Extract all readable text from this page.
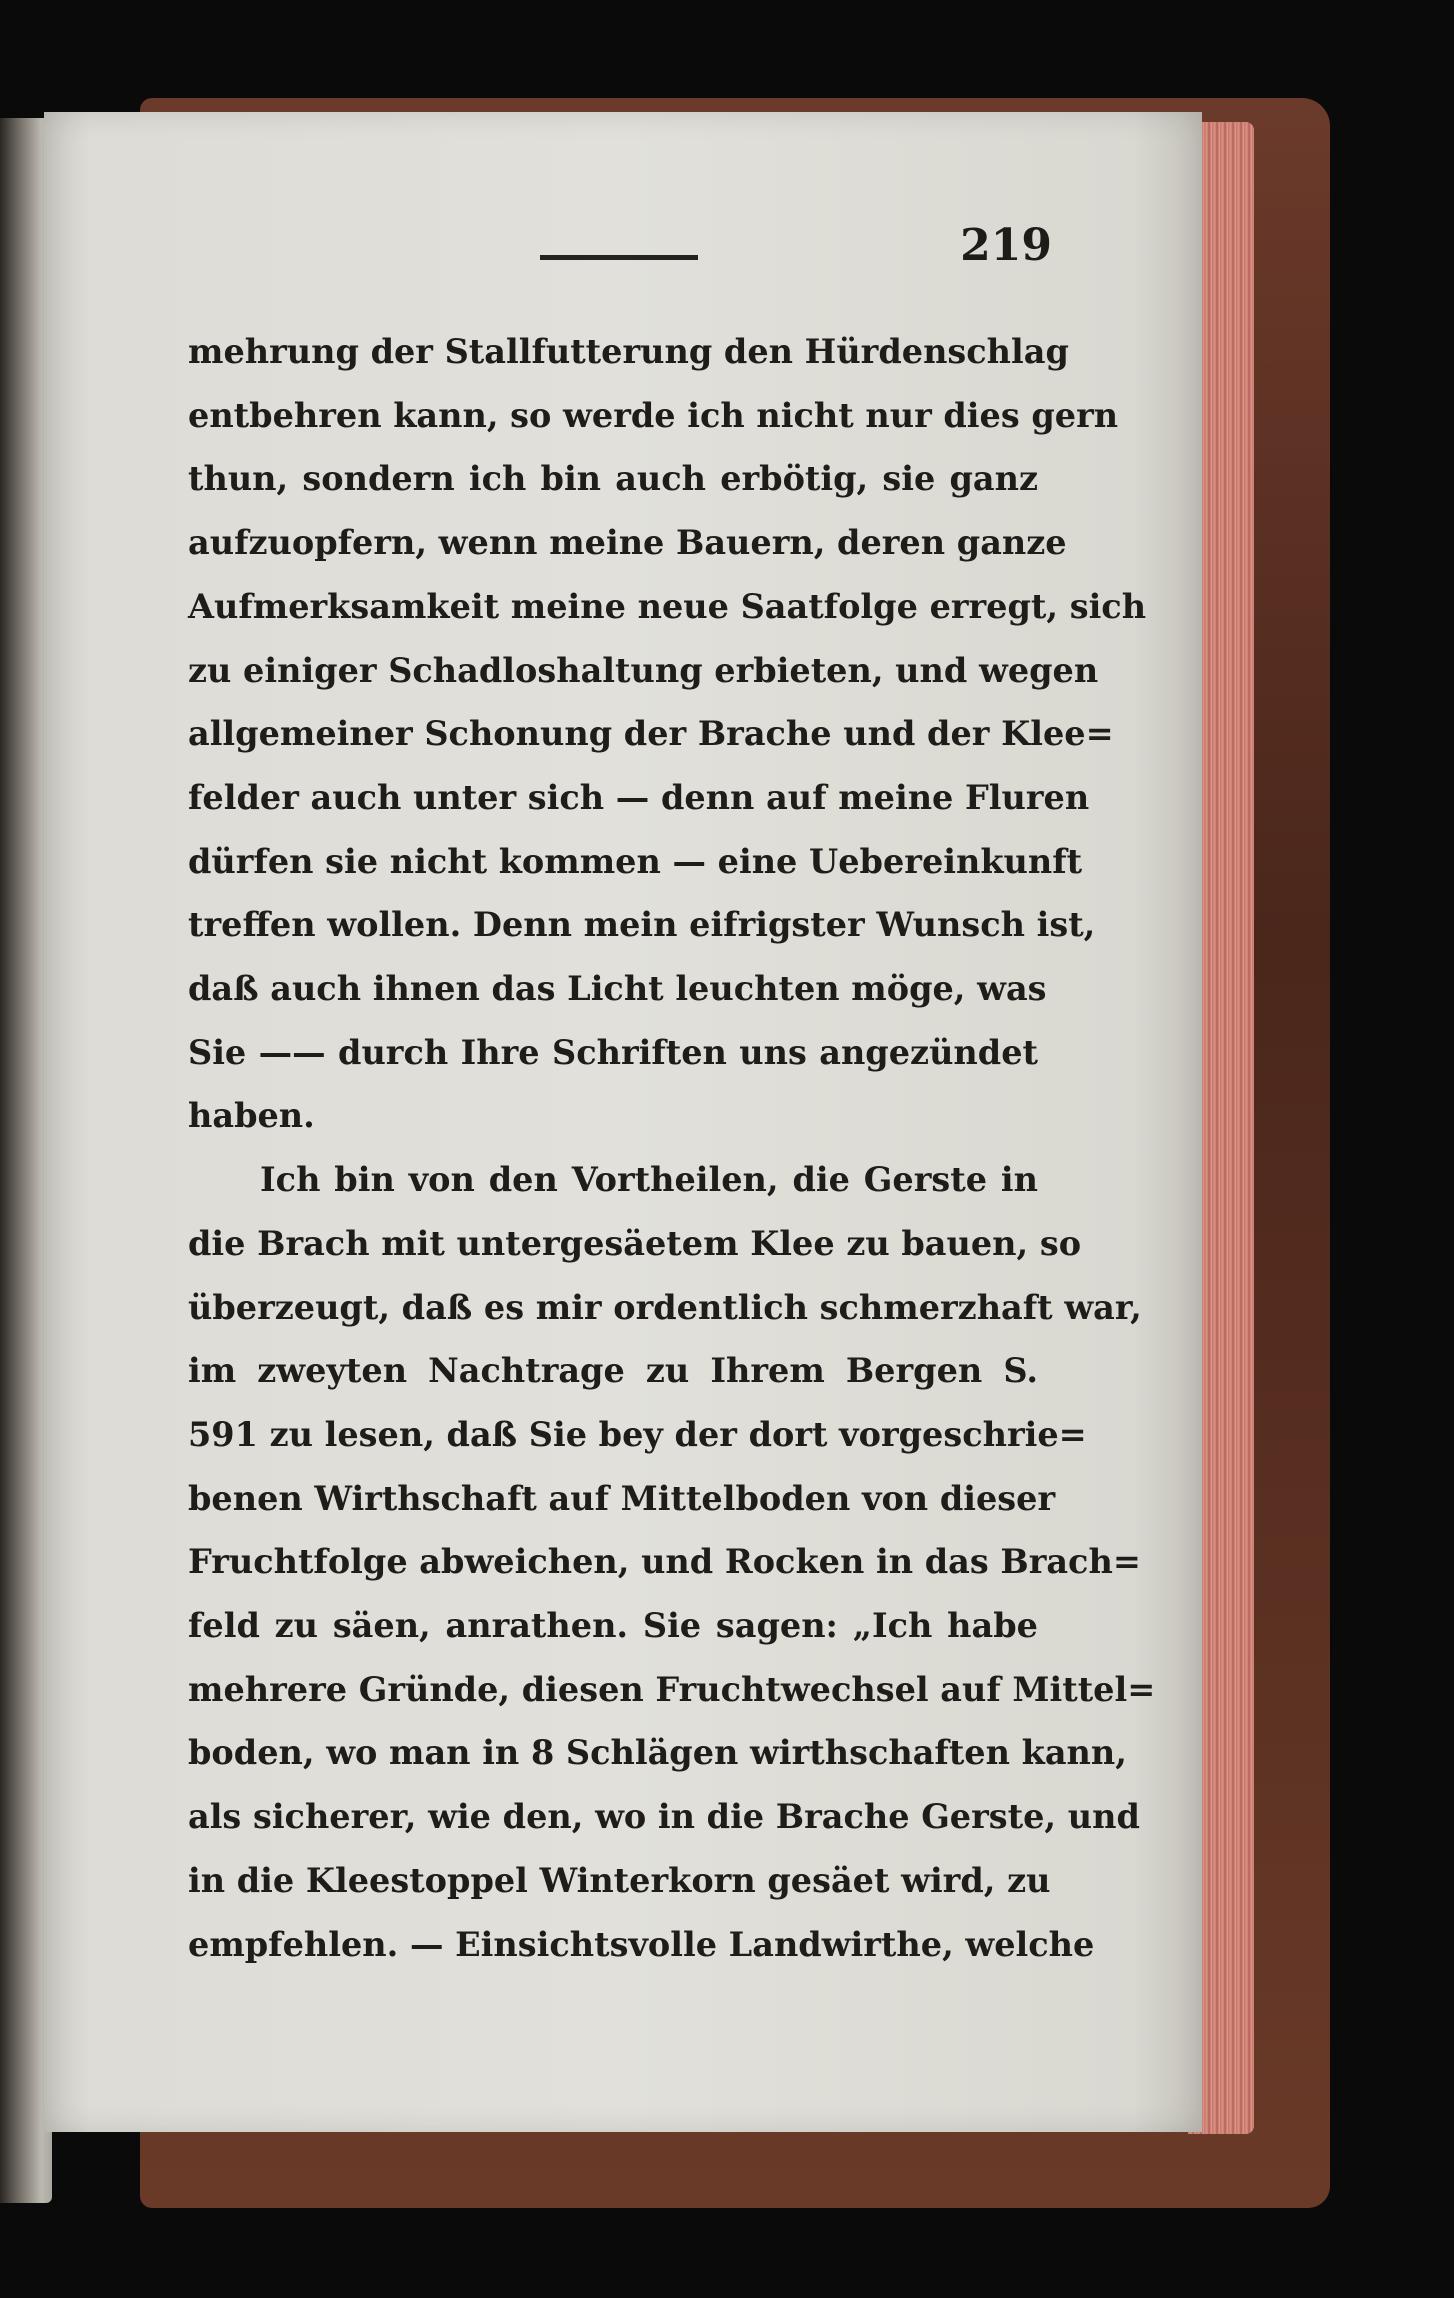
219
mehrung der Stallfutterung den Hürdenschlag
entbehren kann, so werde ich nicht nur dies gern
thun, sondern ich bin auch erbötig, sie ganz
aufzuopfern, wenn meine Bauern, deren ganze
Aufmerksamkeit meine neue Saatfolge erregt, sich
zu einiger Schadloshaltung erbieten, und wegen
allgemeiner Schonung der Brache und der Klee=
felder auch unter sich — denn auf meine Fluren
dürfen sie nicht kommen — eine Uebereinkunft
treffen wollen. Denn mein eifrigster Wunsch ist,
daß auch ihnen das Licht leuchten möge, was
Sie —— durch Ihre Schriften uns angezündet
haben.
Ich bin von den Vortheilen, die Gerste in
die Brach mit untergesäetem Klee zu bauen, so
überzeugt, daß es mir ordentlich schmerzhaft war,
im zweyten Nachtrage zu Ihrem Bergen S.
591 zu lesen, daß Sie bey der dort vorgeschrie=
benen Wirthschaft auf Mittelboden von dieser
Fruchtfolge abweichen, und Rocken in das Brach=
feld zu säen, anrathen. Sie sagen: „Ich habe
mehrere Gründe, diesen Fruchtwechsel auf Mittel=
boden, wo man in 8 Schlägen wirthschaften kann,
als sicherer, wie den, wo in die Brache Gerste, und
in die Kleestoppel Winterkorn gesäet wird, zu
empfehlen. — Einsichtsvolle Landwirthe, welche
